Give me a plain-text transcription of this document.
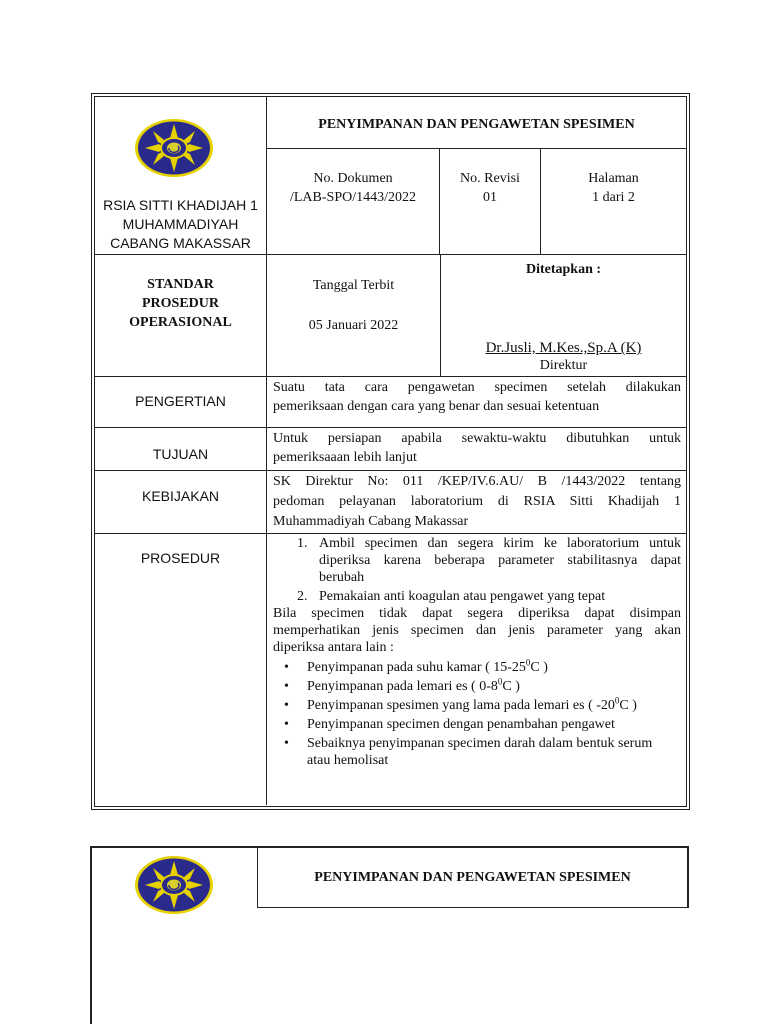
RSIA SITTI KHADIJAH 1
MUHAMMADIYAH
CABANG MAKASSAR
PENYIMPANAN DAN PENGAWETAN SPESIMEN
No. Dokumen
/LAB-SPO/1443/2022
No. Revisi
01
Halaman
1 dari 2
STANDAR
PROSEDUR
OPERASIONAL
Tanggal Terbit
05 Januari 2022
Ditetapkan :
Dr.Jusli, M.Kes.,Sp.A (K)
Direktur
PENGERTIAN
Suatu tata cara pengawetan specimen setelah dilakukan
pemeriksaan dengan cara yang benar dan sesuai ketentuan
TUJUAN
Untuk persiapan apabila sewaktu-waktu dibutuhkan untuk
pemeriksaaan lebih lanjut
KEBIJAKAN
SK Direktur No: 011 /KEP/IV.6.AU/ B /1443/2022 tentang
pedoman pelayanan laboratorium di RSIA Sitti Khadijah 1
Muhammadiyah Cabang Makassar
PROSEDUR
1. Ambil specimen dan segera kirim ke laboratorium untuk
diperiksa karena beberapa parameter stabilitasnya dapat
berubah
2. Pemakaian anti koagulan atau pengawet yang tepat
Bila specimen tidak dapat segera diperiksa dapat disimpan
memperhatikan jenis specimen dan jenis parameter yang akan
diperiksa antara lain :
• Penyimpanan pada suhu kamar ( $15-25^0C$ )
• Penyimpanan pada lemari es ( $0-8^0C$ )
• Penyimpanan spesimen yang lama pada lemari es ( $-20^0C$ )
• Penyimpanan specimen dengan penambahan pengawet
• Sebaiknya penyimpanan specimen darah dalam bentuk serum
atau hemolisat
PENYIMPANAN DAN PENGAWETAN SPESIMEN
